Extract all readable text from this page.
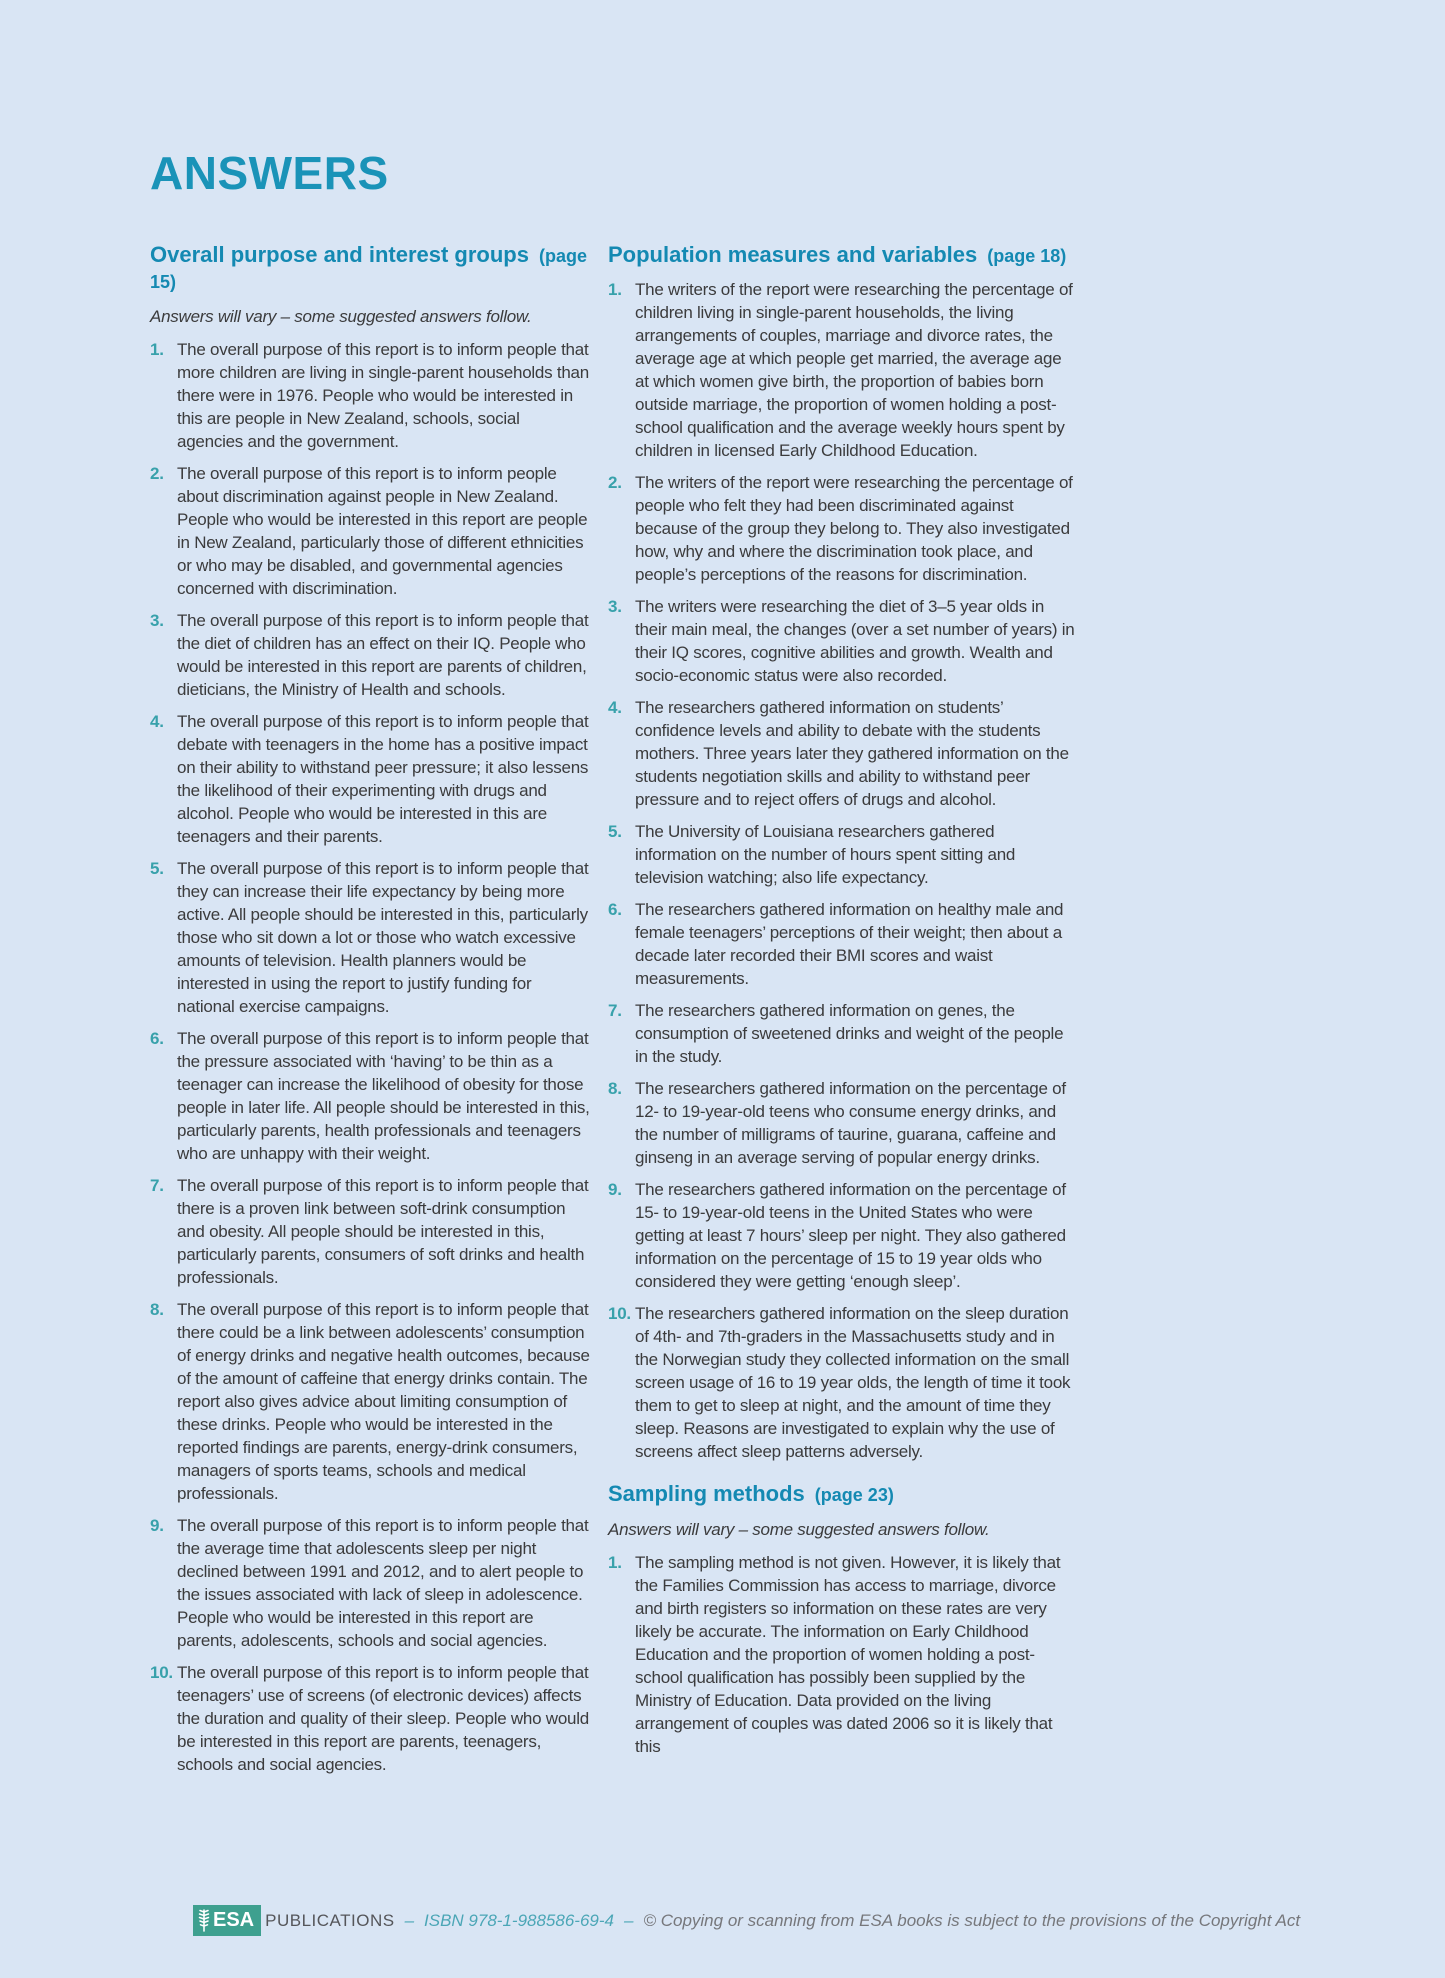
ANSWERS
Overall purpose and interest groups (page 15)

Answers will vary – some suggested answers follow.

1. The overall purpose of this report is to inform people that more children are living in single-parent households than there were in 1976. People who would be interested in this are people in New Zealand, schools, social agencies and the government.
2. The overall purpose of this report is to inform people about discrimination against people in New Zealand. People who would be interested in this report are people in New Zealand, particularly those of different ethnicities or who may be disabled, and governmental agencies concerned with discrimination.
3. The overall purpose of this report is to inform people that the diet of children has an effect on their IQ. People who would be interested in this report are parents of children, dieticians, the Ministry of Health and schools.
4. The overall purpose of this report is to inform people that debate with teenagers in the home has a positive impact on their ability to withstand peer pressure; it also lessens the likelihood of their experimenting with drugs and alcohol. People who would be interested in this are teenagers and their parents.
5. The overall purpose of this report is to inform people that they can increase their life expectancy by being more active. All people should be interested in this, particularly those who sit down a lot or those who watch excessive amounts of television. Health planners would be interested in using the report to justify funding for national exercise campaigns.
6. The overall purpose of this report is to inform people that the pressure associated with ‘having’ to be thin as a teenager can increase the likelihood of obesity for those people in later life. All people should be interested in this, particularly parents, health professionals and teenagers who are unhappy with their weight.
7. The overall purpose of this report is to inform people that there is a proven link between soft-drink consumption and obesity. All people should be interested in this, particularly parents, consumers of soft drinks and health professionals.
8. The overall purpose of this report is to inform people that there could be a link between adolescents’ consumption of energy drinks and negative health outcomes, because of the amount of caffeine that energy drinks contain. The report also gives advice about limiting consumption of these drinks. People who would be interested in the reported findings are parents, energy-drink consumers, managers of sports teams, schools and medical professionals.
9. The overall purpose of this report is to inform people that the average time that adolescents sleep per night declined between 1991 and 2012, and to alert people to the issues associated with lack of sleep in adolescence. People who would be interested in this report are parents, adolescents, schools and social agencies.
10. The overall purpose of this report is to inform people that teenagers’ use of screens (of electronic devices) affects the duration and quality of their sleep. People who would be interested in this report are parents, teenagers, schools and social agencies.
Population measures and variables (page 18)
1. The writers of the report were researching the percentage of children living in single-parent households, the living arrangements of couples, marriage and divorce rates, the average age at which people get married, the average age at which women give birth, the proportion of babies born outside marriage, the proportion of women holding a post-school qualification and the average weekly hours spent by children in licensed Early Childhood Education.
2. The writers of the report were researching the percentage of people who felt they had been discriminated against because of the group they belong to. They also investigated how, why and where the discrimination took place, and people’s perceptions of the reasons for discrimination.
3. The writers were researching the diet of 3–5 year olds in their main meal, the changes (over a set number of years) in their IQ scores, cognitive abilities and growth. Wealth and socio-economic status were also recorded.
4. The researchers gathered information on students’ confidence levels and ability to debate with the students mothers. Three years later they gathered information on the students negotiation skills and ability to withstand peer pressure and to reject offers of drugs and alcohol.
5. The University of Louisiana researchers gathered information on the number of hours spent sitting and television watching; also life expectancy.
6. The researchers gathered information on healthy male and female teenagers’ perceptions of their weight; then about a decade later recorded their BMI scores and waist measurements.
7. The researchers gathered information on genes, the consumption of sweetened drinks and weight of the people in the study.
8. The researchers gathered information on the percentage of 12- to 19-year-old teens who consume energy drinks, and the number of milligrams of taurine, guarana, caffeine and ginseng in an average serving of popular energy drinks.
9. The researchers gathered information on the percentage of 15- to 19-year-old teens in the United States who were getting at least 7 hours’ sleep per night. They also gathered information on the percentage of 15 to 19 year olds who considered they were getting ‘enough sleep’.
10. The researchers gathered information on the sleep duration of 4th- and 7th-graders in the Massachusetts study and in the Norwegian study they collected information on the small screen usage of 16 to 19 year olds, the length of time it took them to get to sleep at night, and the amount of time they sleep. Reasons are investigated to explain why the use of screens affect sleep patterns adversely.
Sampling methods (page 23)

Answers will vary – some suggested answers follow.

1. The sampling method is not given. However, it is likely that the Families Commission has access to marriage, divorce and birth registers so information on these rates are very likely be accurate. The information on Early Childhood Education and the proportion of women holding a post-school qualification has possibly been supplied by the Ministry of Education. Data provided on the living arrangement of couples was dated 2006 so it is likely that this
ESA PUBLICATIONS – ISBN 978-1-988586-69-4 – © Copying or scanning from ESA books is subject to the provisions of the Copyright Act
